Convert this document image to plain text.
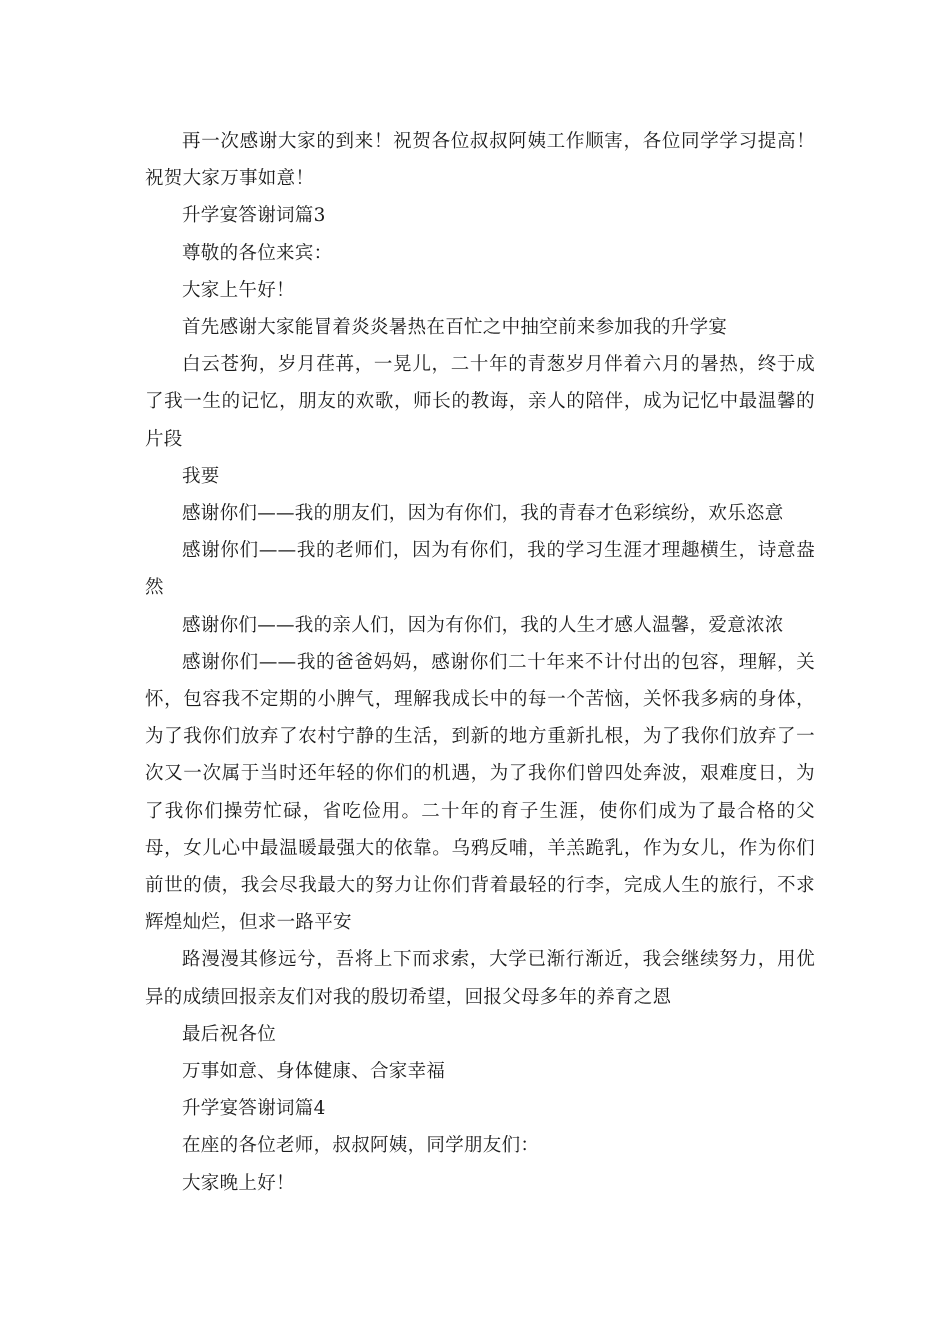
再一次感谢大家的到来！祝贺各位叔叔阿姨工作顺害，各位同学学习提高！祝贺大家万事如意！

升学宴答谢词篇3

尊敬的各位来宾：

大家上午好！

首先感谢大家能冒着炎炎暑热在百忙之中抽空前来参加我的升学宴

白云苍狗，岁月荏苒，一晃儿，二十年的青葱岁月伴着六月的暑热，终于成了我一生的记忆，朋友的欢歌，师长的教诲，亲人的陪伴，成为记忆中最温馨的片段

我要

感谢你们——我的朋友们，因为有你们，我的青春才色彩缤纷，欢乐恣意

感谢你们——我的老师们，因为有你们，我的学习生涯才理趣横生，诗意盎然

感谢你们——我的亲人们，因为有你们，我的人生才感人温馨，爱意浓浓

感谢你们——我的爸爸妈妈，感谢你们二十年来不计付出的包容，理解，关怀，包容我不定期的小脾气，理解我成长中的每一个苦恼，关怀我多病的身体，为了我你们放弃了农村宁静的生活，到新的地方重新扎根，为了我你们放弃了一次又一次属于当时还年轻的你们的机遇，为了我你们曾四处奔波，艰难度日，为了我你们操劳忙碌，省吃俭用。二十年的育子生涯，使你们成为了最合格的父母，女儿心中最温暖最强大的依靠。乌鸦反哺，羊羔跪乳，作为女儿，作为你们前世的债，我会尽我最大的努力让你们背着最轻的行李，完成人生的旅行，不求辉煌灿烂，但求一路平安

路漫漫其修远兮，吾将上下而求索，大学已渐行渐近，我会继续努力，用优异的成绩回报亲友们对我的殷切希望，回报父母多年的养育之恩

最后祝各位

万事如意、身体健康、合家幸福

升学宴答谢词篇4

在座的各位老师，叔叔阿姨，同学朋友们：

大家晚上好！
